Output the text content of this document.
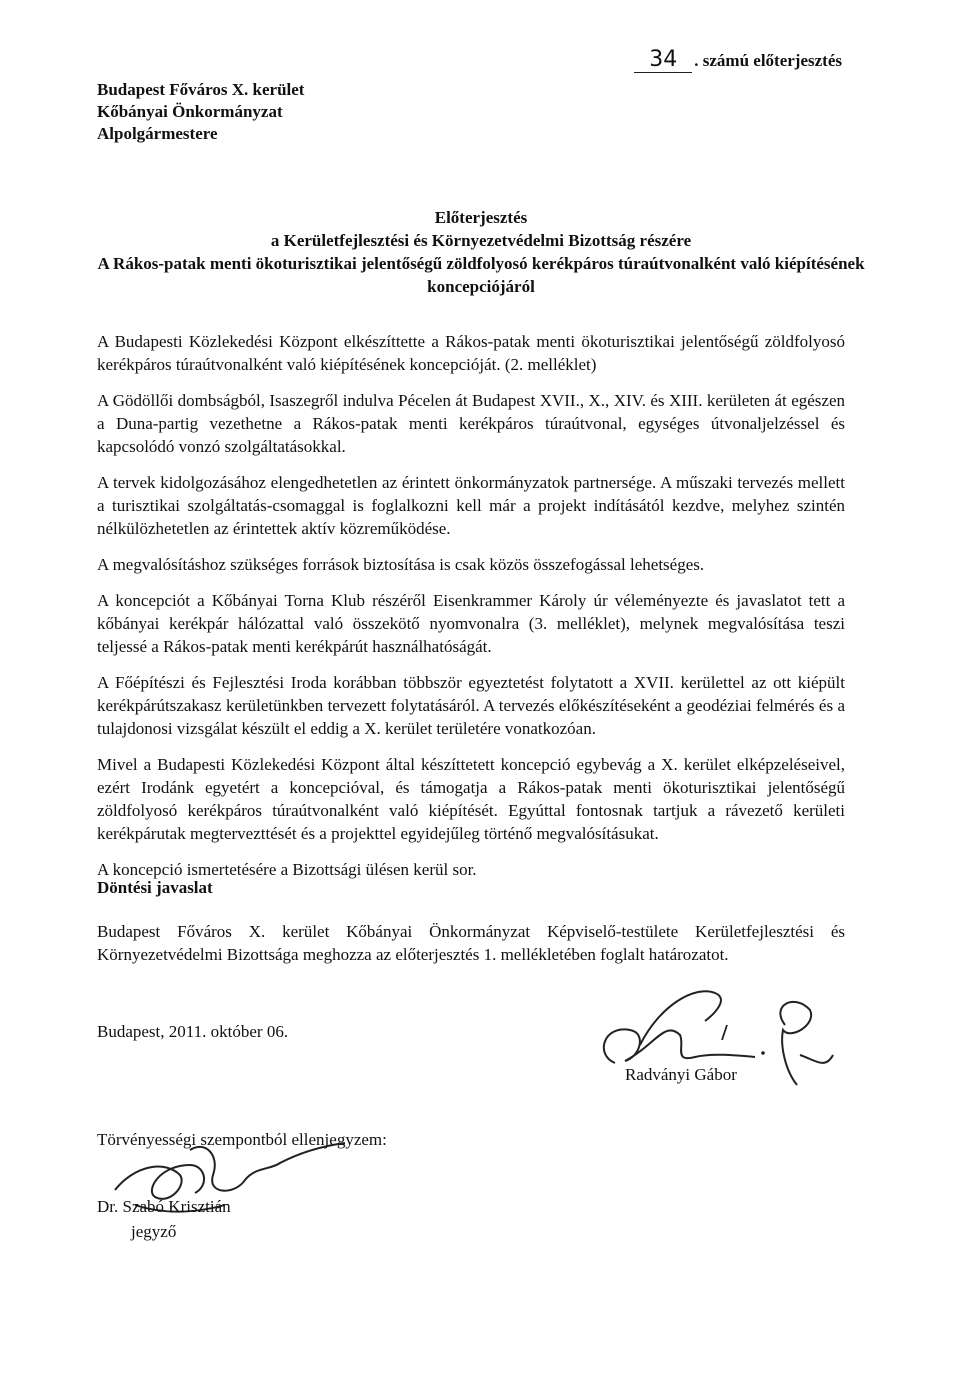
Budapest Főváros X. kerület
Kőbányai Önkormányzat
Alpolgármestere
34 . számú előterjesztés
Előterjesztés
a Kerületfejlesztési és Környezetvédelmi Bizottság részére
A Rákos-patak menti ökoturisztikai jelentőségű zöldfolyosó kerékpáros túraútvonalként való kiépítésének koncepciójáról

A Budapesti Közlekedési Központ elkészíttette a Rákos-patak menti ökoturisztikai jelentőségű zöldfolyosó kerékpáros túraútvonalként való kiépítésének koncepcióját. (2. melléklet)

A Gödöllői dombságból, Isaszegről indulva Pécelen át Budapest XVII., X., XIV. és XIII. kerületen át egészen a Duna-partig vezethetne a Rákos-patak menti kerékpáros túraútvonal, egységes útvonaljelzéssel és kapcsolódó vonzó szolgáltatásokkal.

A tervek kidolgozásához elengedhetetlen az érintett önkormányzatok partnersége. A műszaki tervezés mellett a turisztikai szolgáltatás-csomaggal is foglalkozni kell már a projekt indításától kezdve, melyhez szintén nélkülözhetetlen az érintettek aktív közreműködése.

A megvalósításhoz szükséges források biztosítása is csak közös összefogással lehetséges.

A koncepciót a Kőbányai Torna Klub részéről Eisenkrammer Károly úr véleményezte és javaslatot tett a kőbányai kerékpár hálózattal való összekötő nyomvonalra (3. melléklet), melynek megvalósítása teszi teljessé a Rákos-patak menti kerékpárút használhatóságát.

A Főépítészi és Fejlesztési Iroda korábban többször egyeztetést folytatott a XVII. kerülettel az ott kiépült kerékpárútszakasz kerületünkben tervezett folytatásáról. A tervezés előkészítéseként a geodéziai felmérés és a tulajdonosi vizsgálat készült el eddig a X. kerület területére vonatkozóan.

Mivel a Budapesti Közlekedési Központ által készíttetett koncepció egybevág a X. kerület elképzeléseivel, ezért Irodánk egyetért a koncepcióval, és támogatja a Rákos-patak menti ökoturisztikai jelentőségű zöldfolyosó kerékpáros túraútvonalként való kiépítését. Egyúttal fontosnak tartjuk a rávezető kerületi kerékpárutak megtervezttését és a projekttel egyidejűleg történő megvalósításukat.

A koncepció ismertetésére a Bizottsági ülésen kerül sor.

Döntési javaslat
Budapest Főváros X. kerület Kőbányai Önkormányzat Képviselő-testülete Kerületfejlesztési és Környezetvédelmi Bizottsága meghozza az előterjesztés 1. mellékletében foglalt határozatot.
Budapest, 2011. október 06.
Radványi Gábor
Törvényességi szempontból ellenjegyzem:
Dr. Szabó Krisztián
jegyző
